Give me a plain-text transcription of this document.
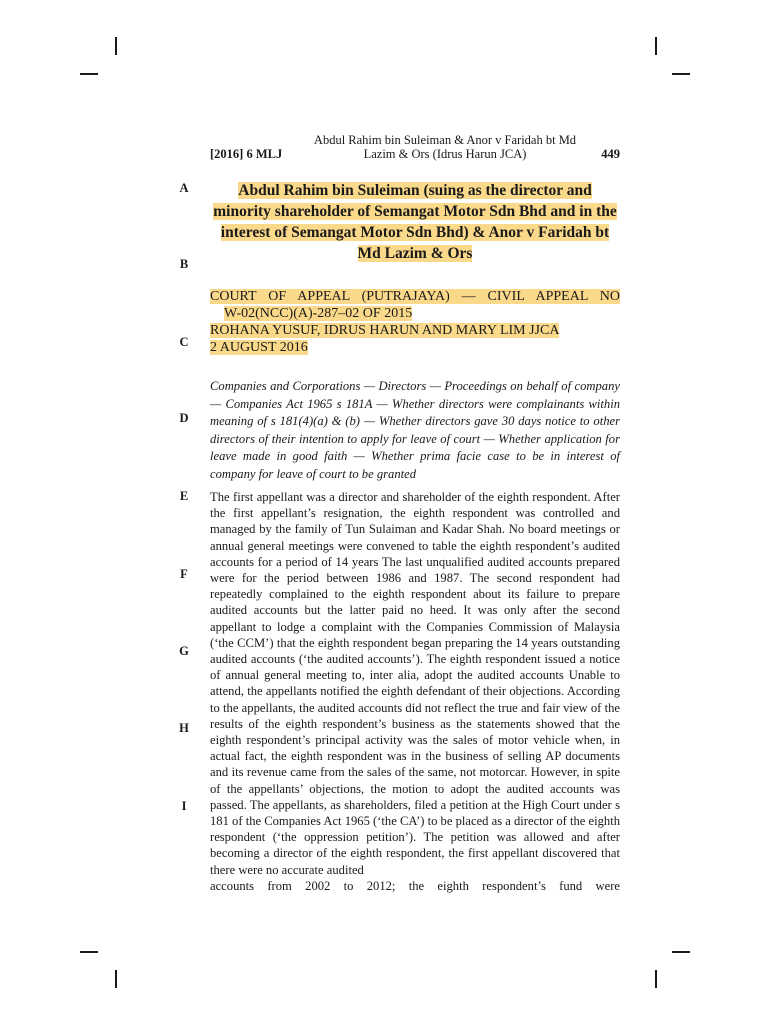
[2016] 6 MLJ
Abdul Rahim bin Suleiman & Anor v Faridah bt Md Lazim & Ors (Idrus Harun JCA)	449
A
B
C
D
E
F
G
H
I
Abdul Rahim bin Suleiman (suing as the director and minority shareholder of Semangat Motor Sdn Bhd and in the interest of Semangat Motor Sdn Bhd) & Anor v Faridah bt Md Lazim & Ors
COURT OF APPEAL (PUTRAJAYA) — CIVIL APPEAL NO
W-02(NCC)(A)-287–02 OF 2015
ROHANA YUSUF, IDRUS HARUN AND MARY LIM JJCA
2 AUGUST 2016

Companies and Corporations — Directors — Proceedings on behalf of company — Companies Act 1965 s 181A — Whether directors were complainants within meaning of s 181(4)(a) & (b) — Whether directors gave 30 days notice to other directors of their intention to apply for leave of court — Whether application for leave made in good faith — Whether prima facie case to be in interest of company for leave of court to be granted

The first appellant was a director and shareholder of the eighth respondent. After the first appellant’s resignation, the eighth respondent was controlled and managed by the family of Tun Sulaiman and Kadar Shah. No board meetings or annual general meetings were convened to table the eighth respondent’s audited accounts for a period of 14 years The last unqualified audited accounts prepared were for the period between 1986 and 1987. The second respondent had repeatedly complained to the eighth respondent about its failure to prepare audited accounts but the latter paid no heed. It was only after the second appellant to lodge a complaint with the Companies Commission of Malaysia (‘the CCM’) that the eighth respondent began preparing the 14 years outstanding audited accounts (‘the audited accounts’). The eighth respondent issued a notice of annual general meeting to, inter alia, adopt the audited accounts Unable to attend, the appellants notified the eighth defendant of their objections. According to the appellants, the audited accounts did not reflect the true and fair view of the results of the eighth respondent’s business as the statements showed that the eighth respondent’s principal activity was the sales of motor vehicle when, in actual fact, the eighth respondent was in the business of selling AP documents and its revenue came from the sales of the same, not motorcar. However, in spite of the appellants’ objections, the motion to adopt the audited accounts was passed. The appellants, as shareholders, filed a petition at the High Court under s 181 of the Companies Act 1965 (‘the CA’) to be placed as a director of the eighth respondent (‘the oppression petition’). The petition was allowed and after becoming a director of the eighth respondent, the first appellant discovered that there were no accurate audited
accounts from 2002 to 2012; the eighth respondent’s fund were
